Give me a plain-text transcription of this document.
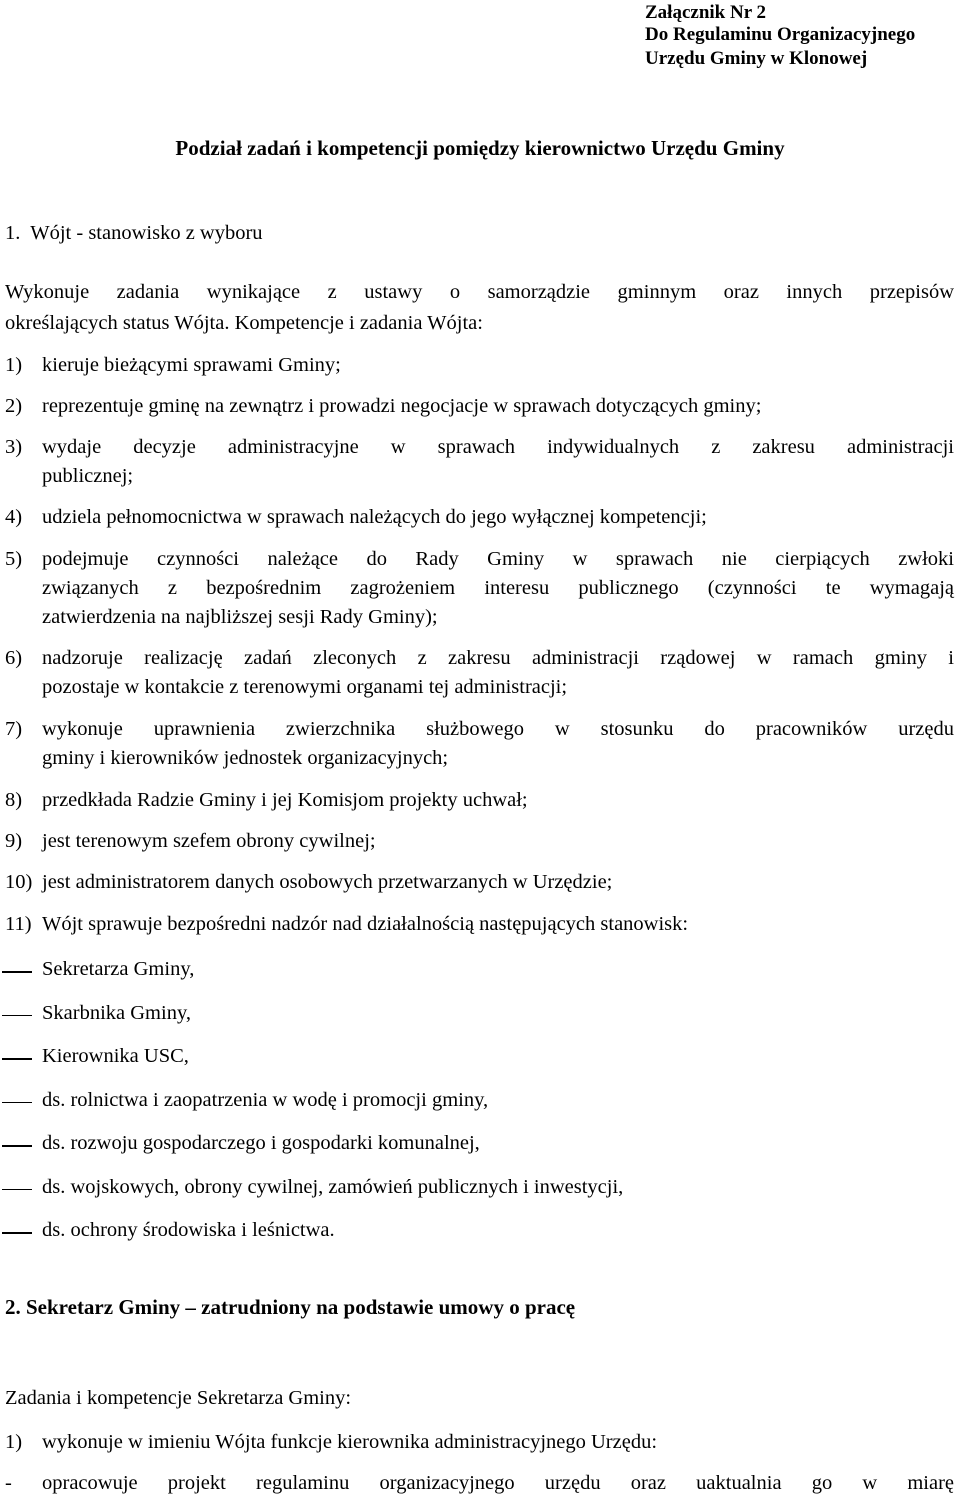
Załącznik Nr 2
Do Regulaminu Organizacyjnego
Urzędu Gminy w Klonowej
Podział zadań i kompetencji pomiędzy kierownictwo Urzędu Gminy
1.  Wójt - stanowisko z wyboru
Wykonuje zadania wynikające z ustawy o samorządzie gminnym oraz innych przepisów
określających status Wójta. Kompetencje i zadania Wójta:
1) kieruje bieżącymi sprawami Gminy;
2) reprezentuje gminę na zewnątrz i prowadzi negocjacje w sprawach dotyczących gminy;
3) wydaje decyzje administracyjne w sprawach indywidualnych z zakresu administracji
publicznej;
4) udziela pełnomocnictwa w sprawach należących do jego wyłącznej kompetencji;
5) podejmuje czynności należące do Rady Gminy w sprawach nie cierpiących zwłoki
związanych z bezpośrednim zagrożeniem interesu publicznego (czynności te wymagają
zatwierdzenia na najbliższej sesji Rady Gminy);
6) nadzoruje realizację zadań zleconych z zakresu administracji rządowej w ramach gminy i
pozostaje w kontakcie z terenowymi organami tej administracji;
7) wykonuje uprawnienia zwierzchnika służbowego w stosunku do pracowników urzędu
gminy i kierowników jednostek organizacyjnych;
8) przedkłada Radzie Gminy i jej Komisjom projekty uchwał;
9) jest terenowym szefem obrony cywilnej;
10) jest administratorem danych osobowych przetwarzanych w Urzędzie;
11) Wójt sprawuje bezpośredni nadzór nad działalnością następujących stanowisk:
Sekretarza Gminy,
Skarbnika Gminy,
Kierownika USC,
ds. rolnictwa i zaopatrzenia w wodę i promocji gminy,
ds. rozwoju gospodarczego i gospodarki komunalnej,
ds. wojskowych, obrony cywilnej, zamówień publicznych i inwestycji,
ds. ochrony środowiska i leśnictwa.
2. Sekretarz Gminy – zatrudniony na podstawie umowy o pracę
Zadania i kompetencje Sekretarza Gminy:
1) wykonuje w imieniu Wójta funkcje kierownika administracyjnego Urzędu:
- opracowuje projekt regulaminu organizacyjnego urzędu oraz uaktualnia go w miarę
